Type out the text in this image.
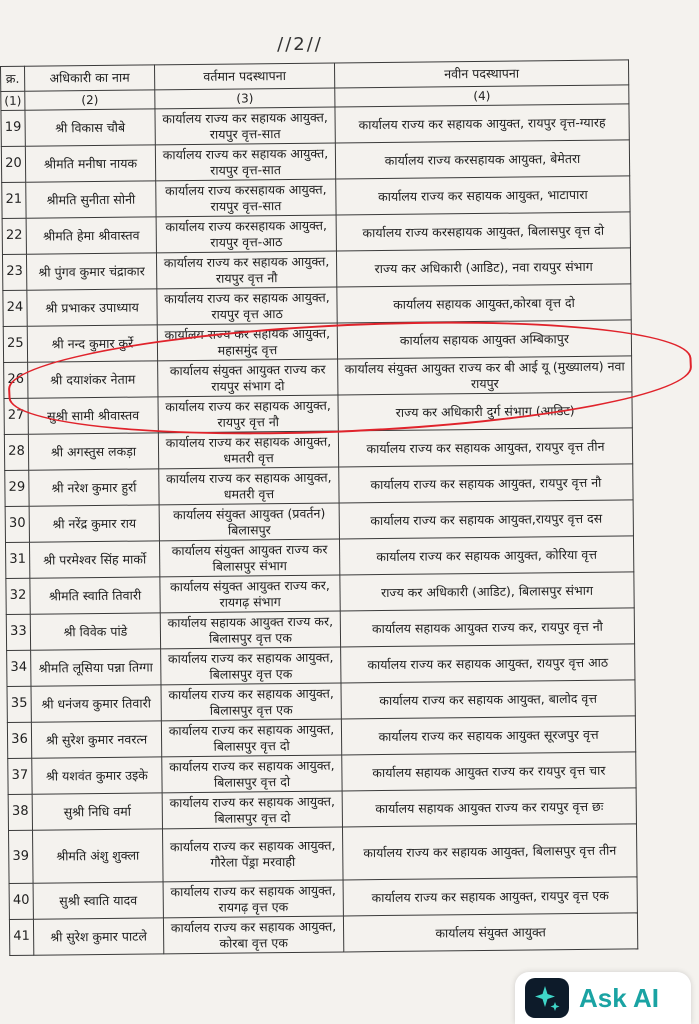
//2//
क्र.	अधिकारी का नाम	वर्तमान पदस्थापना	नवीन पदस्थापना
(1)	(2)	(3)	(4)
19	श्री विकास चौबे	कार्यालय राज्य कर सहायक आयुक्त, रायपुर वृत्त-सात	कार्यालय राज्य कर सहायक आयुक्त, रायपुर वृत्त-ग्यारह
20	श्रीमति मनीषा नायक	कार्यालय राज्य कर सहायक आयुक्त, रायपुर वृत्त-सात	कार्यालय राज्य करसहायक आयुक्त, बेमेतरा
21	श्रीमति सुनीता सोनी	कार्यालय राज्य करसहायक आयुक्त, रायपुर वृत्त-सात	कार्यालय राज्य कर सहायक आयुक्त, भाटापारा
22	श्रीमति हेमा श्रीवास्तव	कार्यालय राज्य करसहायक आयुक्त, रायपुर वृत्त-आठ	कार्यालय राज्य करसहायक आयुक्त, बिलासपुर वृत्त दो
23	श्री पुंगव कुमार चंद्राकार	कार्यालय राज्य कर सहायक आयुक्त, रायपुर वृत्त नौ	राज्य कर अधिकारी (आडिट), नवा रायपुर संभाग
24	श्री प्रभाकर उपाध्याय	कार्यालय राज्य कर सहायक आयुक्त, रायपुर वृत्त आठ	कार्यालय सहायक आयुक्त,कोरबा वृत्त दो
25	श्री नन्द कुमार कुर्रे	कार्यालय राज्य कर सहायक आयुक्त, महासमुंद वृत्त	कार्यालय सहायक आयुक्त अम्बिकापुर
26	श्री दयाशंकर नेताम	कार्यालय संयुक्त आयुक्त राज्य कर रायपुर संभाग दो	कार्यालय संयुक्त आयुक्त राज्य कर बी आई यू (मुख्यालय) नवा रायपुर
27	सुश्री सामी श्रीवास्तव	कार्यालय राज्य कर सहायक आयुक्त, रायपुर वृत्त नौ	राज्य कर अधिकारी दुर्ग संभाग (आडिट)
28	श्री अगस्तुस लकड़ा	कार्यालय राज्य कर सहायक आयुक्त, धमतरी वृत्त	कार्यालय राज्य कर सहायक आयुक्त, रायपुर वृत्त तीन
29	श्री नरेश कुमार हुर्रा	कार्यालय राज्य कर सहायक आयुक्त, धमतरी वृत्त	कार्यालय राज्य कर सहायक आयुक्त, रायपुर वृत्त नौ
30	श्री नरेंद्र कुमार राय	कार्यालय संयुक्त आयुक्त (प्रवर्तन) बिलासपुर	कार्यालय राज्य कर सहायक आयुक्त,रायपुर वृत्त दस
31	श्री परमेश्वर सिंह मार्को	कार्यालय संयुक्त आयुक्त राज्य कर बिलासपुर संभाग	कार्यालय राज्य कर सहायक आयुक्त, कोरिया वृत्त
32	श्रीमति स्वाति तिवारी	कार्यालय संयुक्त आयुक्त राज्य कर, रायगढ़ संभाग	राज्य कर अधिकारी (आडिट), बिलासपुर संभाग
33	श्री विवेक पांडे	कार्यालय सहायक आयुक्त राज्य कर, बिलासपुर वृत्त एक	कार्यालय सहायक आयुक्त राज्य कर, रायपुर वृत्त नौ
34	श्रीमति लूसिया पन्ना तिग्गा	कार्यालय राज्य कर सहायक आयुक्त, बिलासपुर वृत्त एक	कार्यालय राज्य कर सहायक आयुक्त, रायपुर वृत्त आठ
35	श्री धनंजय कुमार तिवारी	कार्यालय राज्य कर सहायक आयुक्त, बिलासपुर वृत्त एक	कार्यालय राज्य कर सहायक आयुक्त, बालोद वृत्त
36	श्री सुरेश कुमार नवरत्न	कार्यालय राज्य कर सहायक आयुक्त, बिलासपुर वृत्त दो	कार्यालय राज्य कर सहायक आयुक्त सूरजपुर वृत्त
37	श्री यशवंत कुमार उइके	कार्यालय राज्य कर सहायक आयुक्त, बिलासपुर वृत्त दो	कार्यालय सहायक आयुक्त राज्य कर रायपुर वृत्त चार
38	सुश्री निधि वर्मा	कार्यालय राज्य कर सहायक आयुक्त, बिलासपुर वृत्त दो	कार्यालय सहायक आयुक्त राज्य कर रायपुर वृत्त छः
39	श्रीमति अंशु शुक्ला	कार्यालय राज्य कर सहायक आयुक्त, गौरेला पेंड्रा मरवाही	कार्यालय राज्य कर सहायक आयुक्त, बिलासपुर वृत्त तीन
40	सुश्री स्वाति यादव	कार्यालय राज्य कर सहायक आयुक्त, रायगढ़ वृत्त एक	कार्यालय राज्य कर सहायक आयुक्त, रायपुर वृत्त एक
41	श्री सुरेश कुमार पाटले	कार्यालय राज्य कर सहायक आयुक्त, कोरबा वृत्त एक	कार्यालय संयुक्त आयुक्त
Ask AI
